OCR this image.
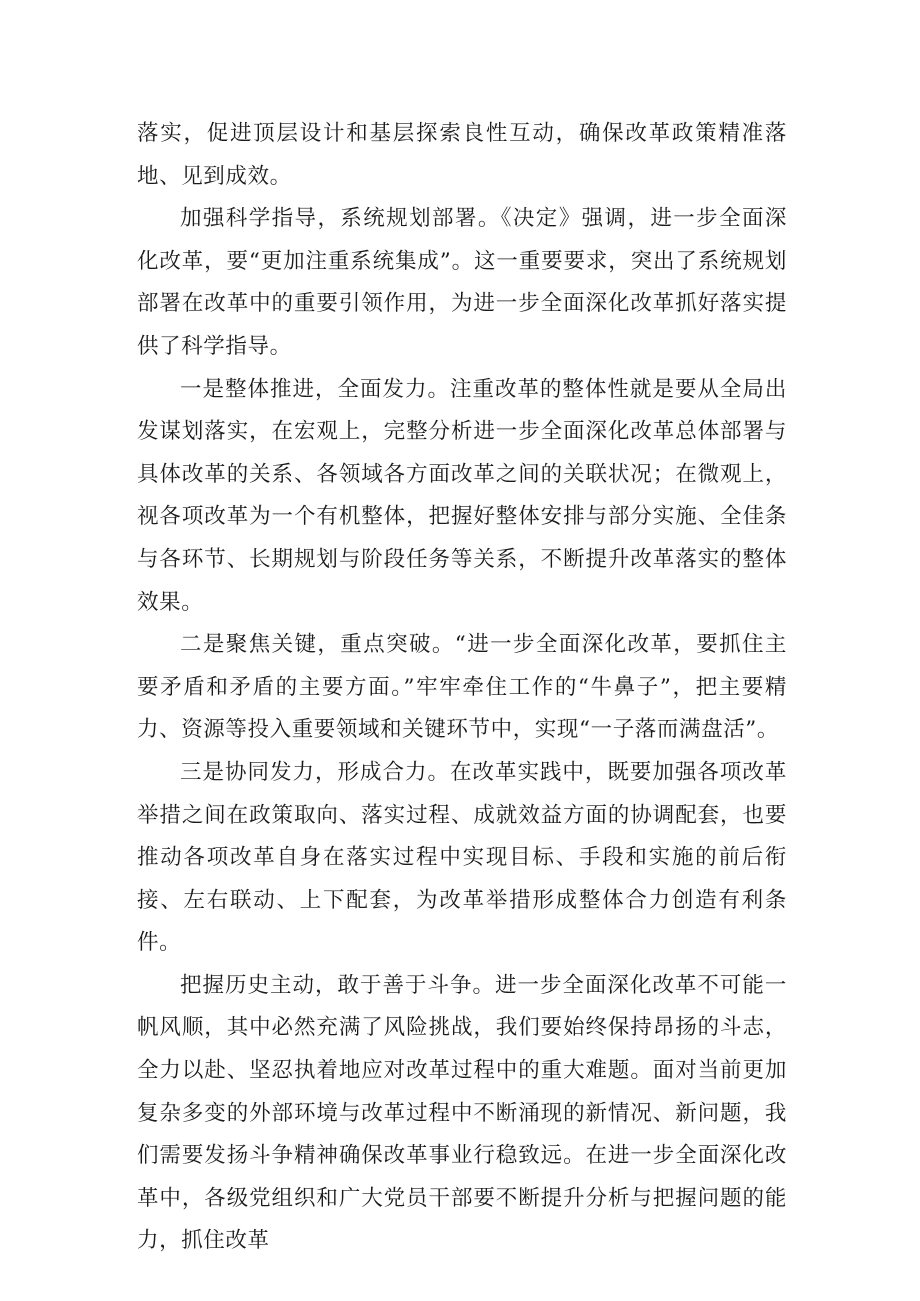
落实，促进顶层设计和基层探索良性互动，确保改革政策精准落地、见到成效。

加强科学指导，系统规划部署。《决定》强调，进一步全面深化改革，要“更加注重系统集成”。这一重要要求，突出了系统规划部署在改革中的重要引领作用，为进一步全面深化改革抓好落实提供了科学指导。

一是整体推进，全面发力。注重改革的整体性就是要从全局出发谋划落实，在宏观上，完整分析进一步全面深化改革总体部署与具体改革的关系、各领域各方面改革之间的关联状况；在微观上，视各项改革为一个有机整体，把握好整体安排与部分实施、全佳条与各环节、长期规划与阶段任务等关系，不断提升改革落实的整体效果。

二是聚焦关键，重点突破。“进一步全面深化改革，要抓住主要矛盾和矛盾的主要方面。”牢牢牵住工作的“牛鼻子”，把主要精力、资源等投入重要领域和关键环节中，实现“一子落而满盘活”。

三是协同发力，形成合力。在改革实践中，既要加强各项改革举措之间在政策取向、落实过程、成就效益方面的协调配套，也要推动各项改革自身在落实过程中实现目标、手段和实施的前后衔接、左右联动、上下配套，为改革举措形成整体合力创造有利条件。

把握历史主动，敢于善于斗争。进一步全面深化改革不可能一帆风顺，其中必然充满了风险挑战，我们要始终保持昂扬的斗志，全力以赴、坚忍执着地应对改革过程中的重大难题。面对当前更加复杂多变的外部环境与改革过程中不断涌现的新情况、新问题，我们需要发扬斗争精神确保改革事业行稳致远。在进一步全面深化改革中，各级党组织和广大党员干部要不断提升分析与把握问题的能力，抓住改革
